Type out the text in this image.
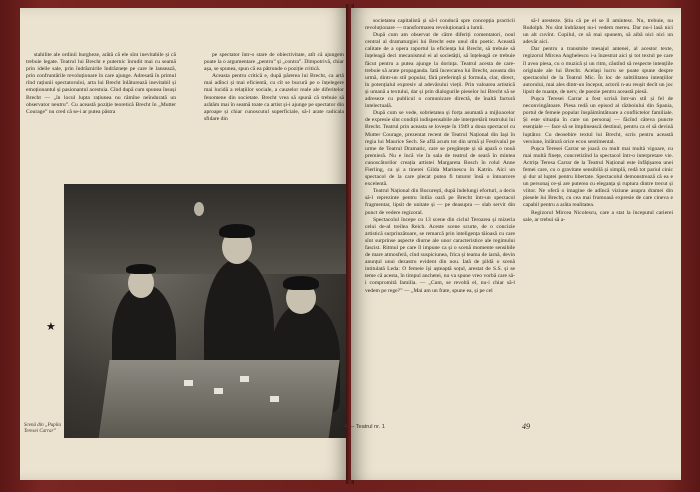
stabilite ale ordinii burgheze, arătă că ele sînt inevitabile și că trebuie legate. Teatrul lui Brecht e puternic înrudit mai cu seamă prin ideile sale, prin îndrăznirile îndrăznețe pe care le lansează, prin confruntările revoluționare în care ajunge. Adresată în primul rînd rațiunii spectatorului, arta lui Brecht înlăturează inevitabil și emoționantul și pasionantul acestuia. Cînd după cum spunea însuși Brecht — „în locul lupta rațiunea nu rămîne neîndurată un observator neutru”. Cu această poziție teoretică Brecht în „Mutter Courage” nu cred că se-i ar putea păstra

pe spectator într-o stare de obiectivitate, atît că ajungem poate la o argumentare „pentru” și „contra”. Dimpotrivă, chiar așa, se spunea, spun că ea pătrunde o poziție critică.

Aceasta pentru critică e, după părerea lui Brecht, ca artă mai adînci și mai eficientă, cu cît se bucură pe o înțelegere mai lucidă a relațiilor sociale, a cauzelor reale ale diferitelor fenomene din societate. Brecht vrea să spună că trebuie să arătăm mai în seamă toate ca artist și-i ajunge pe spectator din aproape și chiar cunoscutul superficiale, să-l arate radicala sfidare din

★
Scenă din „Pupila Teresei Carrar”

societatea capitalistă și să-l conducă spre concepția practicii revoluționare — transformarea revoluționară a lumii.

După cum am observat de către diferiți comentatori, noul central al dramaturgiei lui Brecht este unul din poetic. Această calitate de a opera raportul la eficiența lui Brecht, să trebuie să înțeleagă deci mecanismul ei al societății, să înțeleagă ce trebuie făcut pentru a putea ajunge la dorința. Teatrul acesta de care-trebuie să arate propaganda. Iată încercarea lui Brecht, aceasta din urmă, dintr-un stil popular, fără preferință și formula, clar, direct, în potențialul expresiv al adevărului vieții. Prin valoarea artistică și umană a textului, dar și prin dialogurile pieselor lui Brecht să se adreseze cu publicul o comunicare directă, de înaltă factură intelectuală.

După cum se vede, sobrietatea și forța asumată a mijloacelor de expresie sînt condiții indispensabile ale interpretării teatrului lui Brecht. Teatrul prin aceasta se lovește în 1949 a doua spectacol cu Mutter Courage, prezentat recent de Teatrul Național din Iași în regia lui Maurice Sech. Se află acum tot din urmă și Festivalul pe urme de Teatrul Dramatic, care se pregătește și să apară o nouă premieră. Nu e încă vie în sala de teatrul de seară în mintea cunoscătorilor creația artistei Margareta Bosch în rolul Anne Fierling, ca și a tinerei Gilda Marinescu în Katrin. Aici un spectacol de la care plecat putea fi tuturor însă o întoarcere excelentă.

Teatrul Național din București, după îndelungi eforturi, a decis să-l reprezinte pentru întîia oară pe Brecht într-un spectacol fragmentar, lipsit de unitate și — pe deasupra — slab servit din punct de vedere regizoral.

Spectacolul începe cu 13 scene din ciclul Teroarea și mizeria celui de-al treilea Reich. Aceste scene scurte, de o concizie artistică surprinzătoare, se remarcă prin inteligența tăioasă cu care sînt surprinse aspecte diurne ale unor caracteristice ale regimului fascist. Ritmul pe care îl impune ca și o scenă momente sensibile de mare atmosferă, cînd suspiciunea, frica și teama de iarnă, devin anunțul unui dezastru evident din nou. Iată de pildă o scenă intitulată Leda: O femeie își așteaptă soțul, arestat de S.S. și se teme că acesta, în timpul anchetei, nu va spune vreo vorbă care să-i compromită familia. — „Cum, se revoltă el, nu-i chiar să-l vedem pe rege?” — „Mai am un frate, spune ea, și pe cel

să-l aresteze. Știu că pe el se îl amintesc. Nu, trebuie, nu Rudolph. Nu sînt îndrăzneț nu-i vedem mereu. Dar nu-i lasă nici un alt cuvînt. Copilul, ce să mai spunem, să aibă nici nici un adevăr aici.

Dar pentru a transmite mesajul antenei, al acestor texte, regizorul Mircea Anghelescu i-a înzestrat aici și tot textul pe care îl avea piesa, cu o muzică și un ritm, căutînd să respecte intențiile originale ale lui Brecht. Același lucru se poate spune despre spectacolul de la Teatrul Mic. În loc de subtilitatea intențiilor autorului, mai ales dintr-un început, actorii n-au reușit decît un joc lipsit de nuanțe, de nerv, de poezie pentru această piesă.

Pușca Teresei Carrar a fost scrisă într-un stil și fel de neconvingătoare. Piesa redă un episod al războiului din Spania, portul de femeie popular înspăimîntătoare a conflictelor familiale. Și este situația în care un personaj — făcînd câteva puncte esențiale — face să se împlinească destinul, pentru ca el să devină luptător. Cu deosebire textul lui Brecht, scris pentru această versiune, înlătură orice ecou sentimental.

Pușca Teresei Carrar se joacă cu mult mai multă vigoare, cu mai multă finețe, concretizînd la spectacol într-o interpretare vie. Actrița Teresa Carrar de la Teatrul Național este înfățișarea unei femei care, cu o gravitate sensibilă și simplă, redă tot pariul cinic și dur al luptei pentru libertate. Spectacolul demonstrează că ea e un personaj ce-și are puterea cu eleganța și ruptura dintre trecut și viitor. Ne oferă o imagine de adîncă viziune asupra dramei din piesele lui Brecht, cu cea mai frumoasă expresie de care cineva e capabil pentru a arăta realitatea.

Regizorul Mircea Nicolescu, care a stat la începutul carierei sale, ar trebui să a-

4 — Teatrul nr. 1	49
